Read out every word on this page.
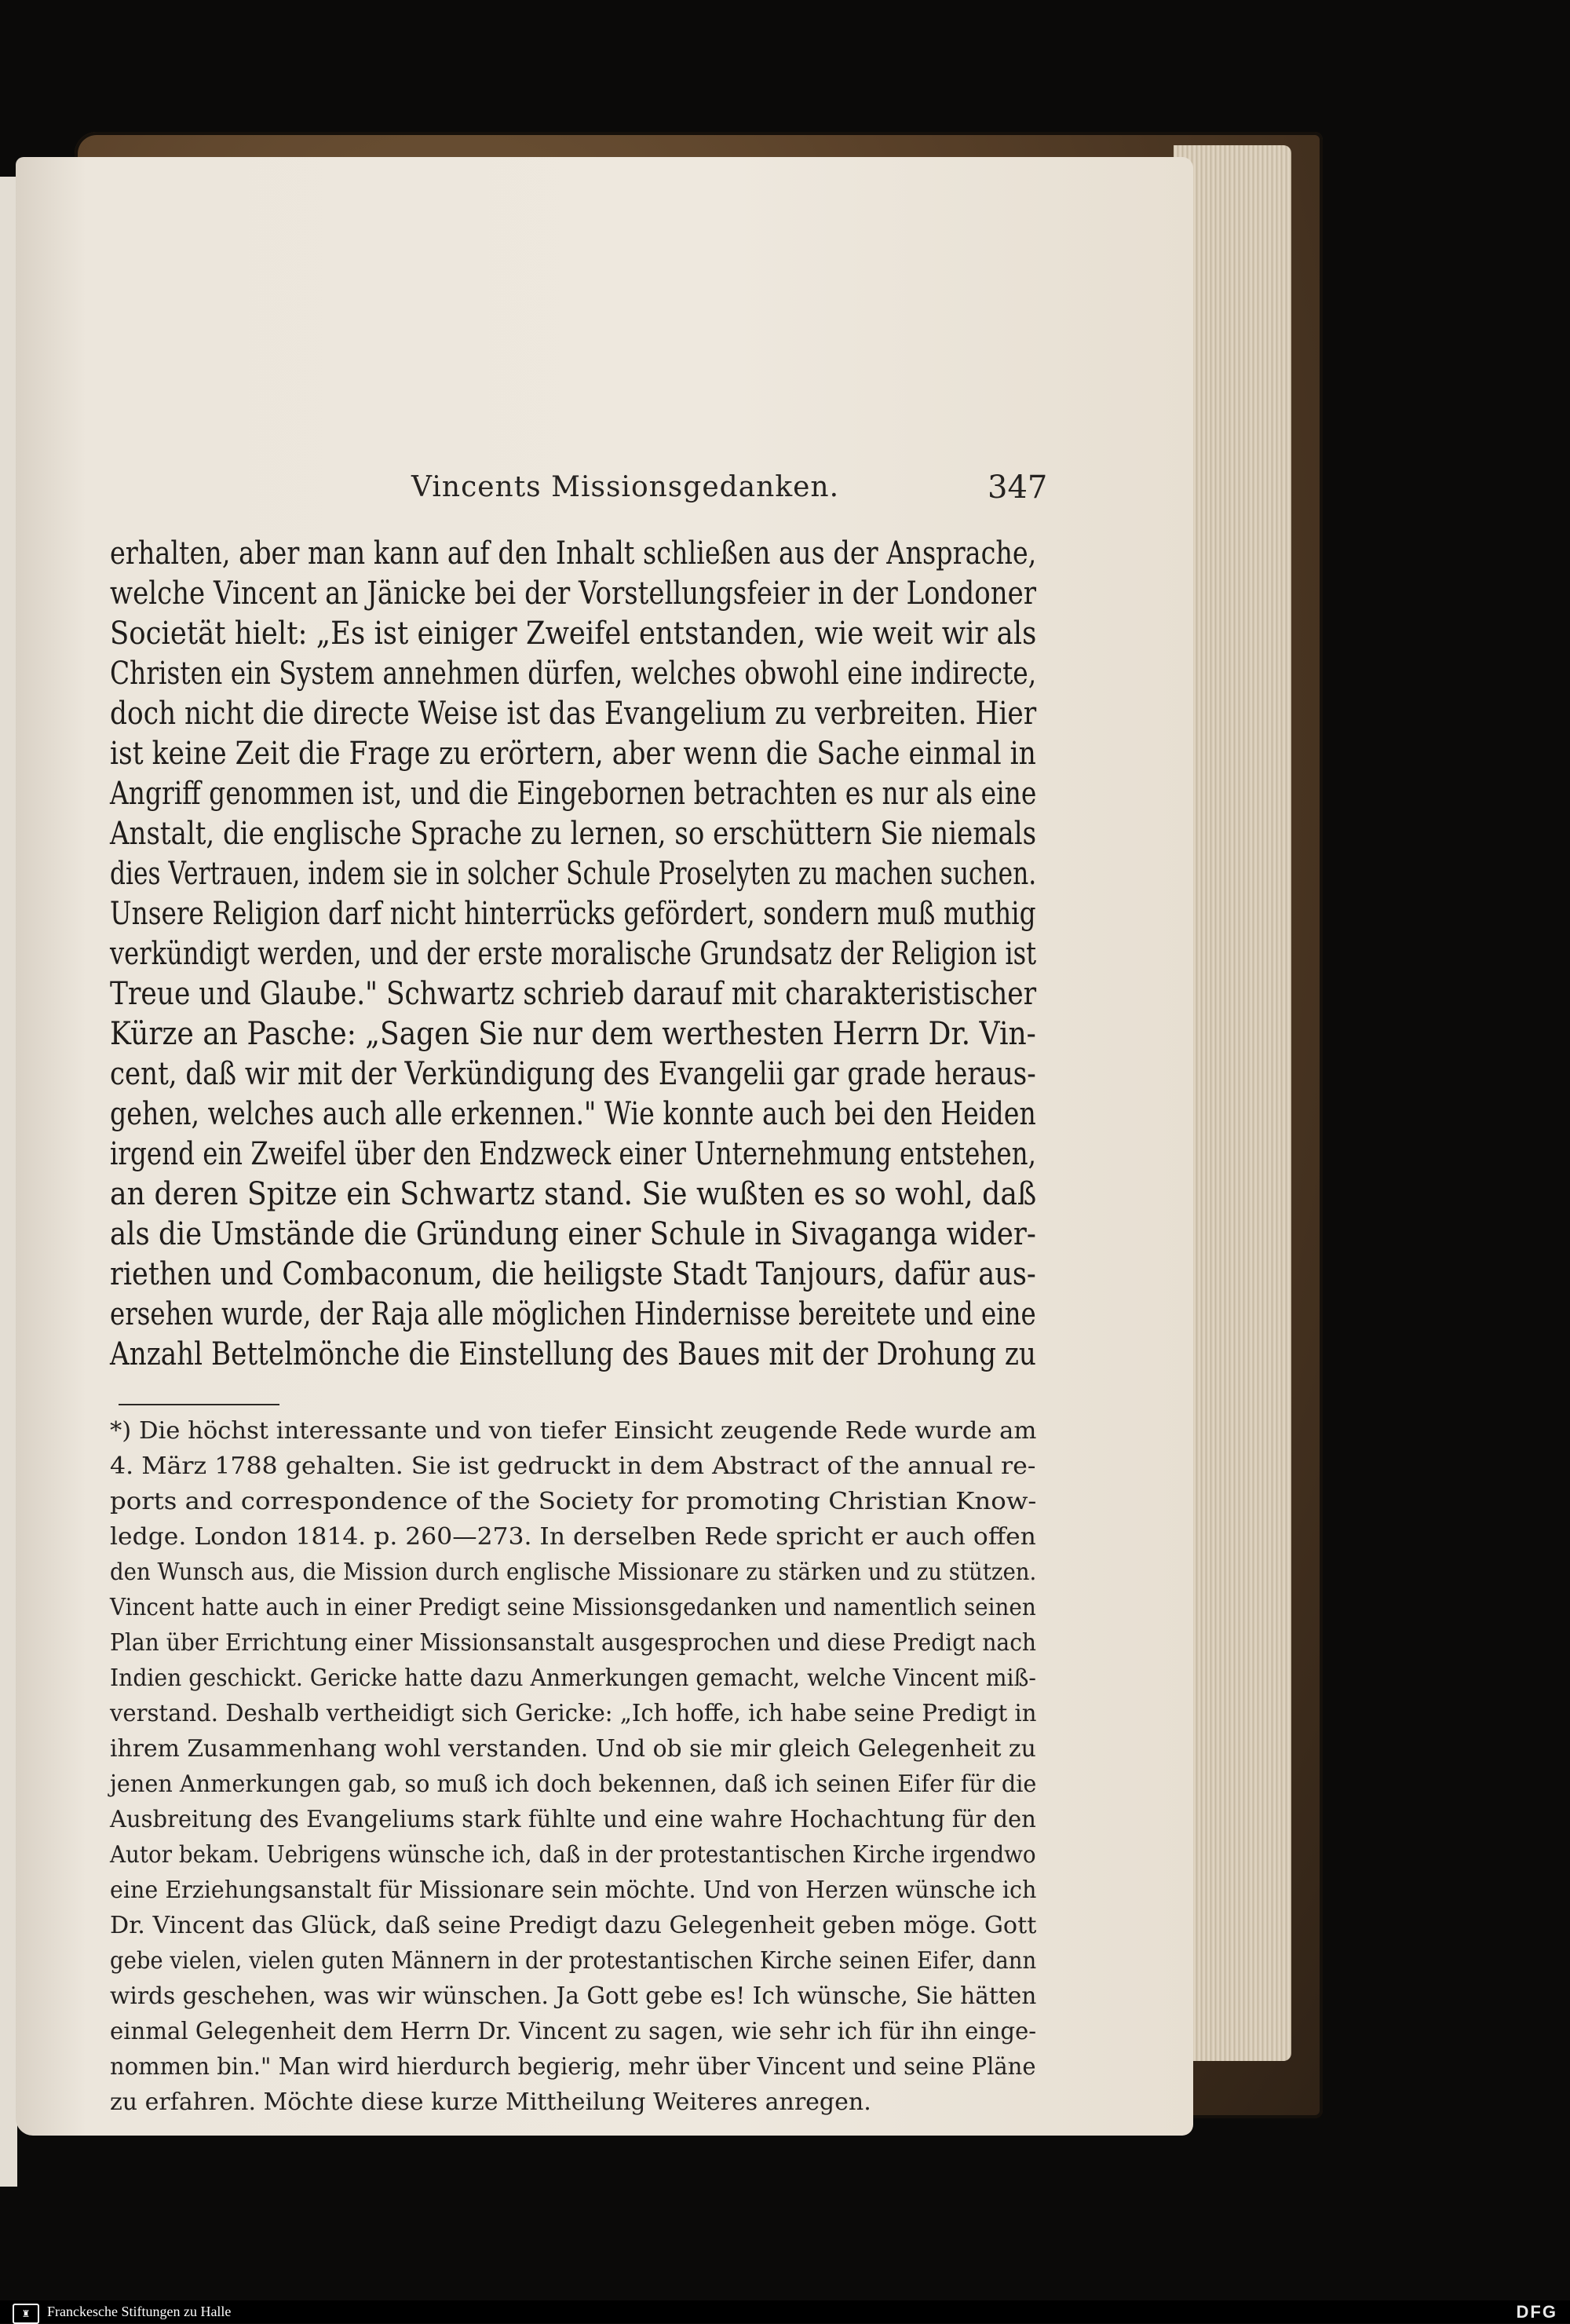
Vincents Missionsgedanken.	347
erhalten, aber man kann auf den Inhalt schließen aus der Ansprache,
welche Vincent an Jänicke bei der Vorstellungsfeier in der Londoner
Societät hielt: „Es ist einiger Zweifel entstanden, wie weit wir als
Christen ein System annehmen dürfen, welches obwohl eine indirecte,
doch nicht die directe Weise ist das Evangelium zu verbreiten. Hier
ist keine Zeit die Frage zu erörtern, aber wenn die Sache einmal in
Angriff genommen ist, und die Eingebornen betrachten es nur als eine
Anstalt, die englische Sprache zu lernen, so erschüttern Sie niemals
dies Vertrauen, indem sie in solcher Schule Proselyten zu machen suchen.
Unsere Religion darf nicht hinterrücks gefördert, sondern muß muthig
verkündigt werden, und der erste moralische Grundsatz der Religion ist
Treue und Glaube." Schwartz schrieb darauf mit charakteristischer
Kürze an Pasche: „Sagen Sie nur dem werthesten Herrn Dr. Vin-
cent, daß wir mit der Verkündigung des Evangelii gar grade heraus-
gehen, welches auch alle erkennen." Wie konnte auch bei den Heiden
irgend ein Zweifel über den Endzweck einer Unternehmung entstehen,
an deren Spitze ein Schwartz stand. Sie wußten es so wohl, daß
als die Umstände die Gründung einer Schule in Sivaganga wider-
riethen und Combaconum, die heiligste Stadt Tanjours, dafür aus-
ersehen wurde, der Raja alle möglichen Hindernisse bereitete und eine
Anzahl Bettelmönche die Einstellung des Baues mit der Drohung zu
*) Die höchst interessante und von tiefer Einsicht zeugende Rede wurde am
4. März 1788 gehalten. Sie ist gedruckt in dem Abstract of the annual re-
ports and correspondence of the Society for promoting Christian Know-
ledge. London 1814. p. 260—273. In derselben Rede spricht er auch offen
den Wunsch aus, die Mission durch englische Missionare zu stärken und zu stützen.
Vincent hatte auch in einer Predigt seine Missionsgedanken und namentlich seinen
Plan über Errichtung einer Missionsanstalt ausgesprochen und diese Predigt nach
Indien geschickt. Gericke hatte dazu Anmerkungen gemacht, welche Vincent miß-
verstand. Deshalb vertheidigt sich Gericke: „Ich hoffe, ich habe seine Predigt in
ihrem Zusammenhang wohl verstanden. Und ob sie mir gleich Gelegenheit zu
jenen Anmerkungen gab, so muß ich doch bekennen, daß ich seinen Eifer für die
Ausbreitung des Evangeliums stark fühlte und eine wahre Hochachtung für den
Autor bekam. Uebrigens wünsche ich, daß in der protestantischen Kirche irgendwo
eine Erziehungsanstalt für Missionare sein möchte. Und von Herzen wünsche ich
Dr. Vincent das Glück, daß seine Predigt dazu Gelegenheit geben möge. Gott
gebe vielen, vielen guten Männern in der protestantischen Kirche seinen Eifer, dann
wirds geschehen, was wir wünschen. Ja Gott gebe es! Ich wünsche, Sie hätten
einmal Gelegenheit dem Herrn Dr. Vincent zu sagen, wie sehr ich für ihn einge-
nommen bin." Man wird hierdurch begierig, mehr über Vincent und seine Pläne
zu erfahren. Möchte diese kurze Mittheilung Weiteres anregen.
♜	Franckesche Stiftungen zu Halle	DFG
